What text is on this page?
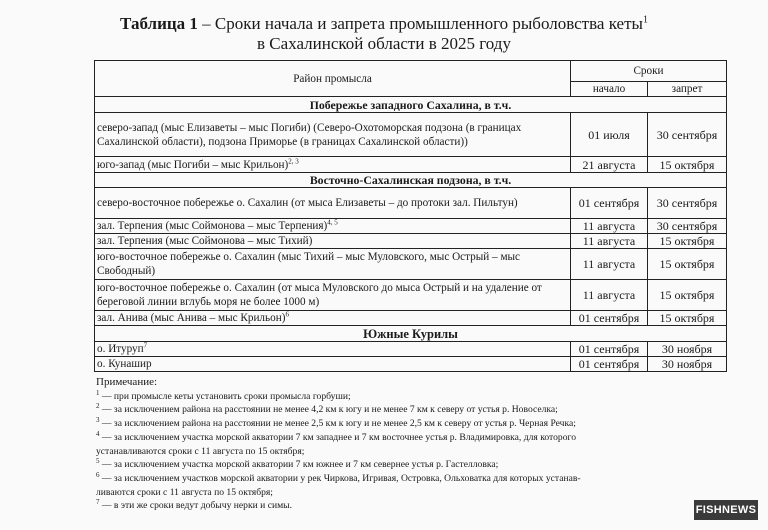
Таблица 1 – Сроки начала и запрета промышленного рыболовства кеты$^1$
в Сахалинской области в 2025 году
Район промысла	Сроки	
	начало	запрет
Побережье западного Сахалина, в т.ч.		
северо-запад (мыс Елизаветы – мыс Погиби) (Северо-Охотоморская подзона (в границах Сахалинской области), подзона Приморье (в границах Сахалинской области))	01 июля	30 сентября
юго-запад (мыс Погиби – мыс Крильон)$^{2, 3}$	21 августа	15 октября
Восточно-Сахалинская подзона, в т.ч.		
северо-восточное побережье о. Сахалин (от мыса Елизаветы – до протоки зал. Пильтун)	01 сентября	30 сентября
зал. Терпения (мыс Соймонова – мыс Терпения)$^{4, 5}$	11 августа	30 сентября
зал. Терпения (мыс Соймонова – мыс Тихий)	11 августа	15 октября
юго-восточное побережье о. Сахалин (мыс Тихий – мыс Муловского, мыс Острый – мыс Свободный)	11 августа	15 октября
юго-восточное побережье о. Сахалин (от мыса Муловского до мыса Острый и на удаление от береговой линии вглубь моря не более 1000 м)	11 августа	15 октября
зал. Анива (мыс Анива – мыс Крильон)$^6$	01 сентября	15 октября
Южные Курилы		
о. Итуруп$^7$	01 сентября	30 ноября
о. Кунашир	01 сентября	30 ноября
Примечание:
$^1$ — при промысле кеты установить сроки промысла горбуши;
$^2$ — за исключением района на расстоянии не менее 4,2 км к югу и не менее 7 км к северу от устья р. Новоселка;
$^3$ — за исключением района на расстоянии не менее 2,5 км к югу и не менее 2,5 км к северу от устья р. Черная Речка;
$^4$ — за исключением участка морской акватории 7 км западнее и 7 км восточнее устья р. Владимировка, для которого
устанавливаются сроки с 11 августа по 15 октября;
$^5$ — за исключением участка морской акватории 7 км южнее и 7 км севернее устья р. Гастелловка;
$^6$ — за исключением участков морской акватории у рек Чиркова, Игривая, Островка, Ольховатка для которых устанав-
ливаются сроки с 11 августа по 15 октября;
$^7$ — в эти же сроки ведут добычу нерки и симы.	FISHNEWS
